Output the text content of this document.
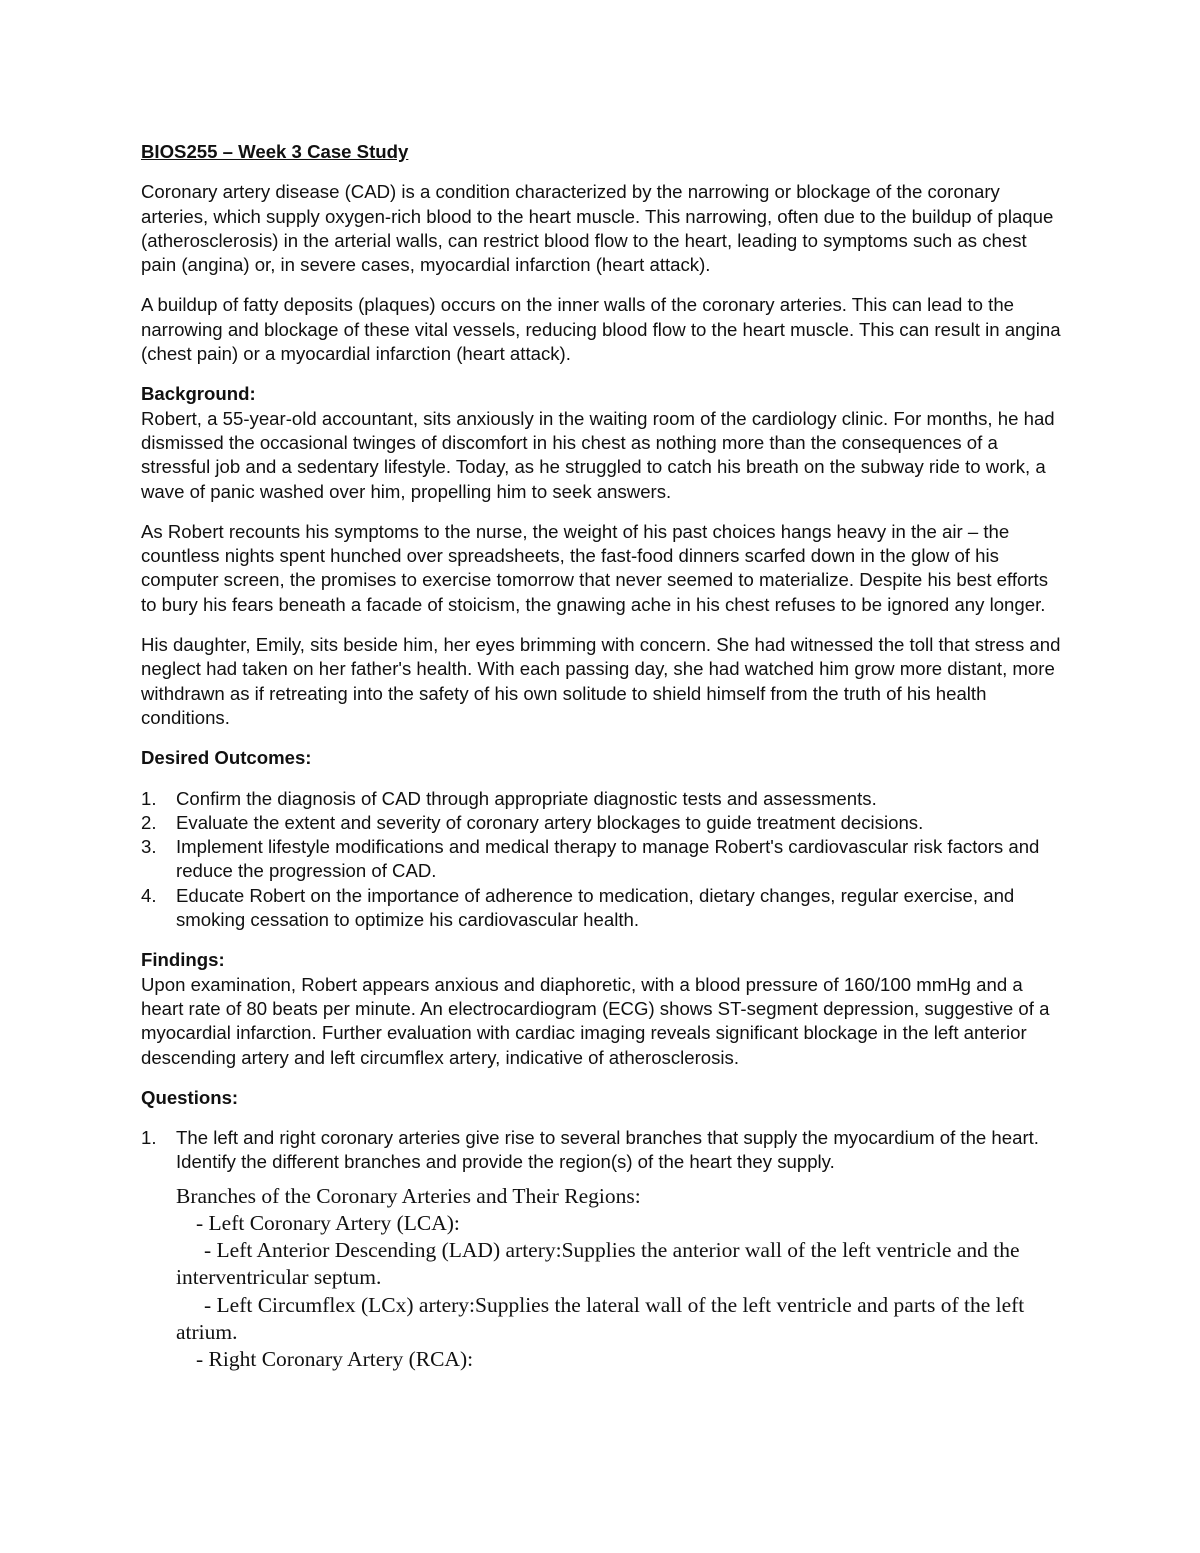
BIOS255 – Week 3 Case Study

Coronary artery disease (CAD) is a condition characterized by the narrowing or blockage of the coronary arteries, which supply oxygen-rich blood to the heart muscle. This narrowing, often due to the buildup of plaque (atherosclerosis) in the arterial walls, can restrict blood flow to the heart, leading to symptoms such as chest pain (angina) or, in severe cases, myocardial infarction (heart attack).

A buildup of fatty deposits (plaques) occurs on the inner walls of the coronary arteries. This can lead to the narrowing and blockage of these vital vessels, reducing blood flow to the heart muscle. This can result in angina (chest pain) or a myocardial infarction (heart attack).

Background:

Robert, a 55-year-old accountant, sits anxiously in the waiting room of the cardiology clinic. For months, he had dismissed the occasional twinges of discomfort in his chest as nothing more than the consequences of a stressful job and a sedentary lifestyle. Today, as he struggled to catch his breath on the subway ride to work, a wave of panic washed over him, propelling him to seek answers.

As Robert recounts his symptoms to the nurse, the weight of his past choices hangs heavy in the air – the countless nights spent hunched over spreadsheets, the fast-food dinners scarfed down in the glow of his computer screen, the promises to exercise tomorrow that never seemed to materialize. Despite his best efforts to bury his fears beneath a facade of stoicism, the gnawing ache in his chest refuses to be ignored any longer.

His daughter, Emily, sits beside him, her eyes brimming with concern. She had witnessed the toll that stress and neglect had taken on her father's health. With each passing day, she had watched him grow more distant, more withdrawn as if retreating into the safety of his own solitude to shield himself from the truth of his health conditions.

Desired Outcomes:
1. Confirm the diagnosis of CAD through appropriate diagnostic tests and assessments.
2. Evaluate the extent and severity of coronary artery blockages to guide treatment decisions.
3. Implement lifestyle modifications and medical therapy to manage Robert's cardiovascular risk factors and reduce the progression of CAD.
4. Educate Robert on the importance of adherence to medication, dietary changes, regular exercise, and smoking cessation to optimize his cardiovascular health.
Findings:

Upon examination, Robert appears anxious and diaphoretic, with a blood pressure of 160/100 mmHg and a heart rate of 80 beats per minute. An electrocardiogram (ECG) shows ST-segment depression, suggestive of a myocardial infarction. Further evaluation with cardiac imaging reveals significant blockage in the left anterior descending artery and left circumflex artery, indicative of atherosclerosis.

Questions:
1. The left and right coronary arteries give rise to several branches that supply the myocardium of the heart. Identify the different branches and provide the region(s) of the heart they supply.
Branches of the Coronary Arteries and Their Regions:
- Left Coronary Artery (LCA):
- Left Anterior Descending (LAD) artery:Supplies the anterior wall of the left ventricle and the interventricular septum.
- Left Circumflex (LCx) artery:Supplies the lateral wall of the left ventricle and parts of the left atrium.
- Right Coronary Artery (RCA):
